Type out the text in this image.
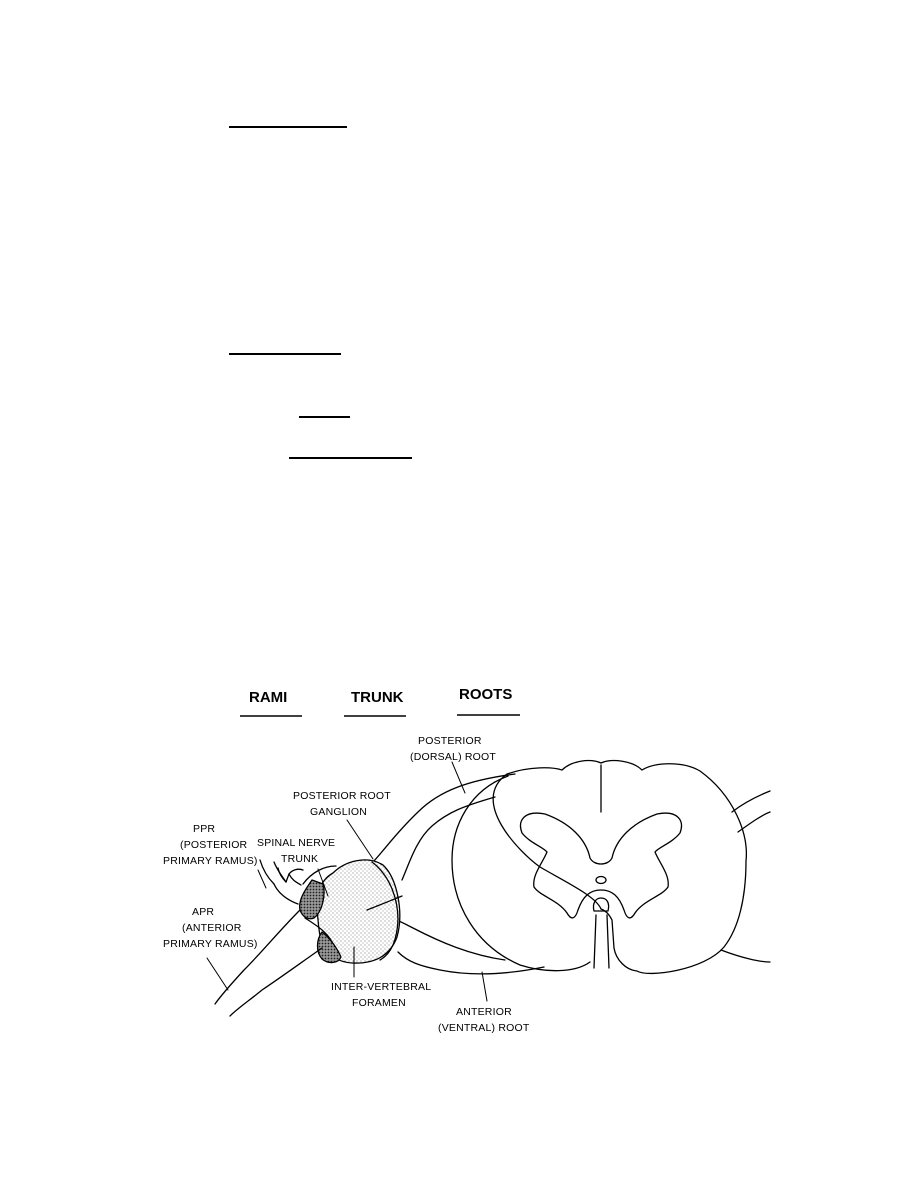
RAMI	TRUNK	ROOTS
POSTERIOR
(DORSAL) ROOT
POSTERIOR ROOT
GANGLION
PPR
(POSTERIOR
PRIMARY RAMUS)
SPINAL NERVE
TRUNK
APR
(ANTERIOR
PRIMARY RAMUS)
INTER-VERTEBRAL
FORAMEN
ANTERIOR
(VENTRAL) ROOT
